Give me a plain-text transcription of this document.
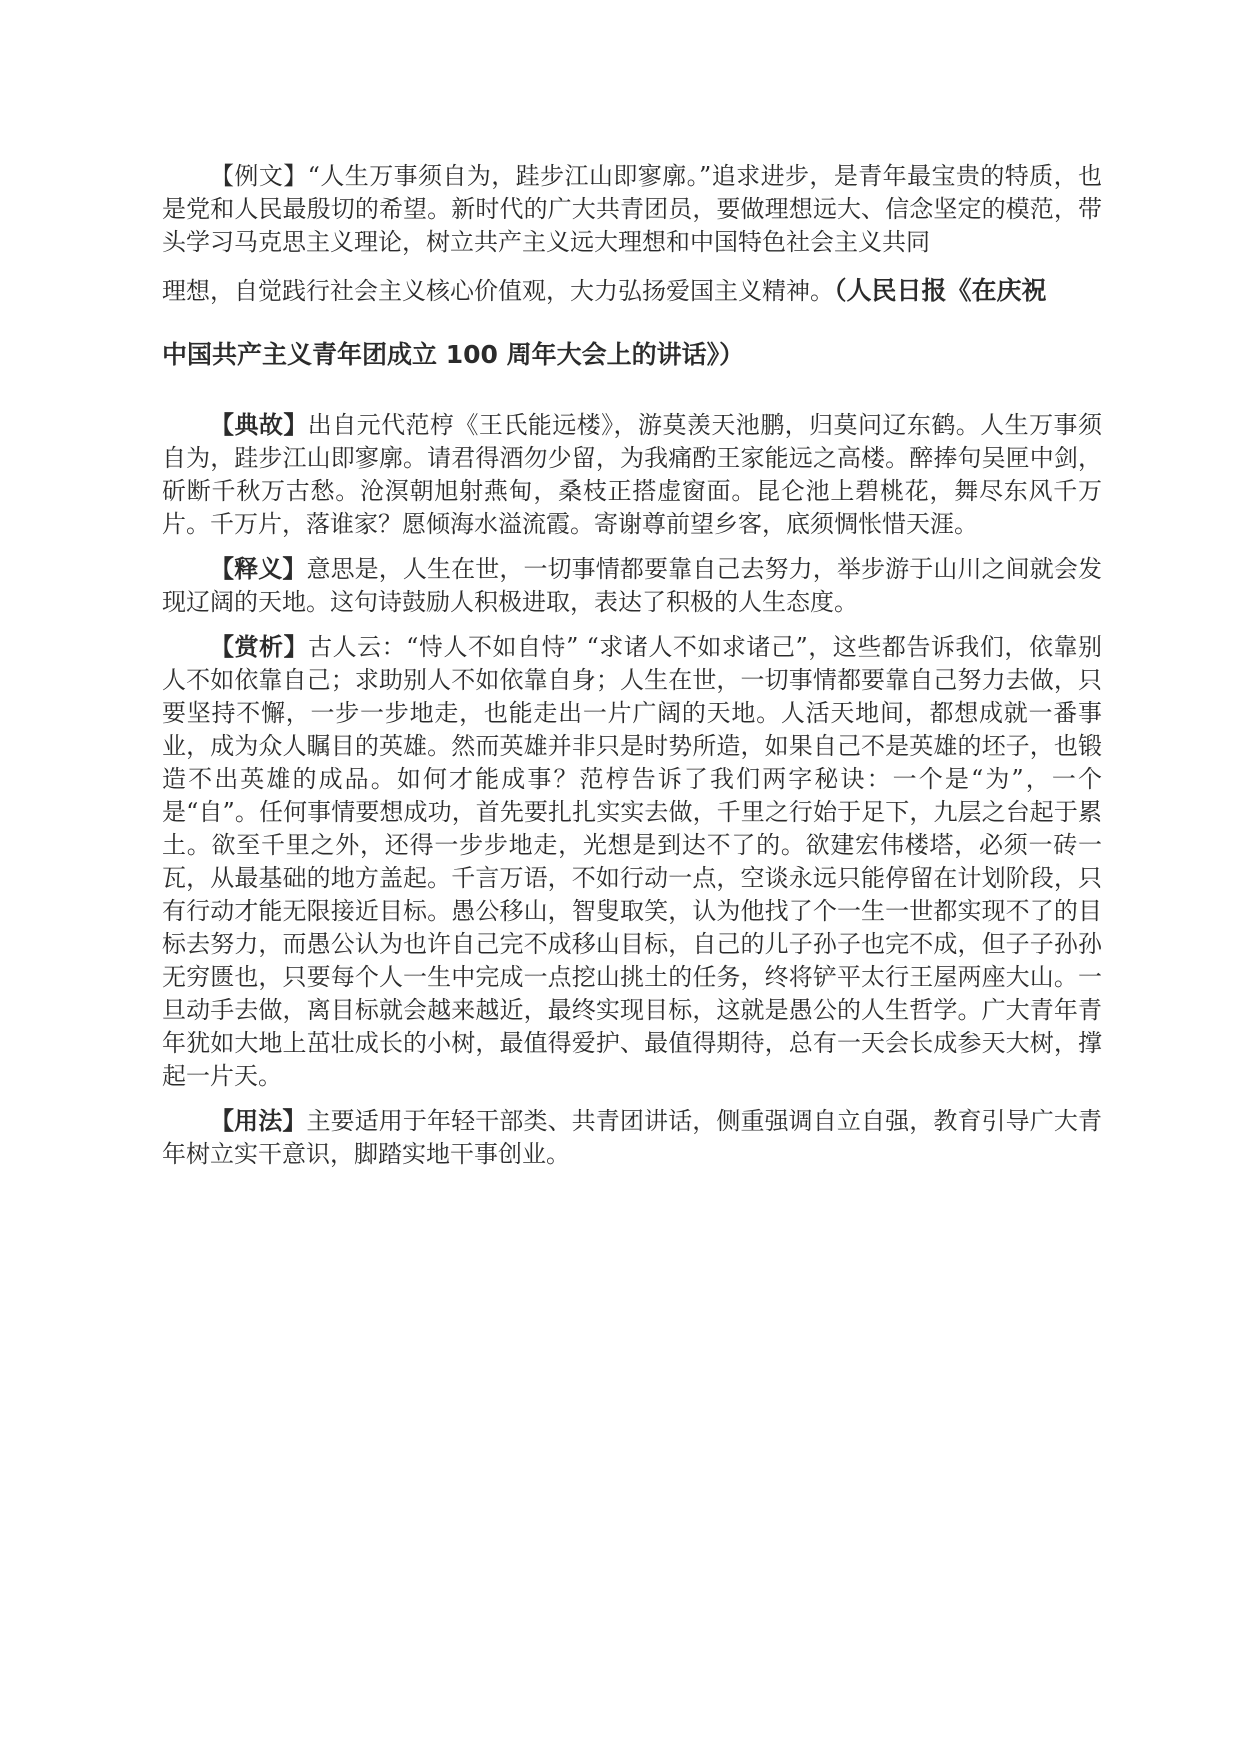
【例文】“人生万事须自为，跬步江山即寥廓。”追求进步，是青年最宝贵的特质，也是党和人民最殷切的希望。新时代的广大共青团员，要做理想远大、信念坚定的模范，带头学习马克思主义理论，树立共产主义远大理想和中国特色社会主义共同

理想，自觉践行社会主义核心价值观，大力弘扬爱国主义精神。（人民日报《在庆祝

中国共产主义青年团成立 100 周年大会上的讲话》）

【典故】出自元代范梈《王氏能远楼》，游莫羡天池鹏，归莫问辽东鹤。人生万事须自为，跬步江山即寥廓。请君得酒勿少留，为我痛酌王家能远之高楼。醉捧句吴匣中剑，斫断千秋万古愁。沧溟朝旭射燕甸，桑枝正搭虚窗面。昆仑池上碧桃花，舞尽东风千万片。千万片，落谁家？愿倾海水溢流霞。寄谢尊前望乡客，底须惆怅惜天涯。

【释义】意思是，人生在世，一切事情都要靠自己去努力，举步游于山川之间就会发现辽阔的天地。这句诗鼓励人积极进取，表达了积极的人生态度。

【赏析】古人云：“恃人不如自恃” “求诸人不如求诸己”，这些都告诉我们，依靠别人不如依靠自己；求助别人不如依靠自身；人生在世，一切事情都要靠自己努力去做，只要坚持不懈，一步一步地走，也能走出一片广阔的天地。人活天地间，都想成就一番事业，成为众人瞩目的英雄。然而英雄并非只是时势所造，如果自己不是英雄的坯子，也锻造不出英雄的成品。如何才能成事？范梈告诉了我们两字秘诀：一个是“为”，一个是“自”。任何事情要想成功，首先要扎扎实实去做，千里之行始于足下，九层之台起于累土。欲至千里之外，还得一步步地走，光想是到达不了的。欲建宏伟楼塔，必须一砖一瓦，从最基础的地方盖起。千言万语，不如行动一点，空谈永远只能停留在计划阶段，只有行动才能无限接近目标。愚公移山，智叟取笑，认为他找了个一生一世都实现不了的目标去努力，而愚公认为也许自己完不成移山目标，自己的儿子孙子也完不成，但子子孙孙无穷匮也，只要每个人一生中完成一点挖山挑土的任务，终将铲平太行王屋两座大山。一旦动手去做，离目标就会越来越近，最终实现目标，这就是愚公的人生哲学。广大青年青年犹如大地上茁壮成长的小树，最值得爱护、最值得期待，总有一天会长成参天大树，撑起一片天。

【用法】主要适用于年轻干部类、共青团讲话，侧重强调自立自强，教育引导广大青年树立实干意识，脚踏实地干事创业。
